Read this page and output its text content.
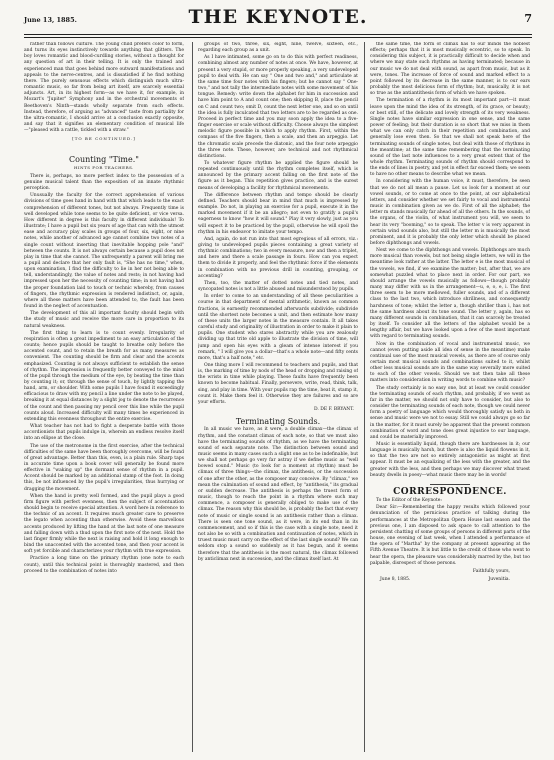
June 13, 1885.	THE KEYNOTE.	7

rather than follows culture. The young child prefers color to form, and turns its eyes instinctively towards anything that glitters. The boy loves romantic and blood-curdling stories, without a thought for any question of art in their telling. It is only the trained and experienced man that goes behind more outward manifestations and appeals to the nerve-centres, and is dissatisfied if he find nothing there. The purely sensuous effects which distinguish much ultra-romantic music, so far from being art itself, are scarcely essential adjuncts. Art, in its highest form—as we have it, for example, in Mozart's "Jupiter" Symphony and in the orchestral movements of Beethoven's Ninth—stands wholly separate from such effects. Instead, therefore, of arguing as "advanced" taste from partiality for the ultra-romantic, I should arrive at a conclusion exactly opposite, and say that it signifies an elementary condition of musical life—"pleased with a rattle, tickled with a straw."

[TO BE CONTINUED.]
Counting "Time."
HINTS FOR TEACHERS.

There is, perhaps, no more perfect index to the possession of a genuine musical talent than the exposition of an innate rhythmic perception.

Unusually the faculty for the correct apprehension of various divisions of time goes hand in hand with that which leads to the exact comprehension of different tones, but not always. Frequently time is well developed while tone seems to be quite deficient, or vice versa. How different in degree is this faculty in different individuals! To illustrate; I have a pupil but six years of age that can with the utmost ease and accuracy play scales in groups of four, six, eight, or nine notes, while another of advanced age cannot combine two notes of a single count without inserting that inevitable hopping pole "and" between the counts. It is not always certain because a pupil does not play in time that she cannot. The unfrequently a parent will bring me a pupil and declare that her only fault is, "She has no time," when, upon examination, I find the difficulty to lie in her not being able to tell, understandingly, the value of notes and rests; in not having had impressed upon her the necessity of counting time; in not having had the proper foundation laid to touch or technic whereby, from causes of fingers, the rhythmic expression is rendered indistinct, or, again, where all these matters have been attended to, the fault has been found in the neglect of accentuation.

The development of this all important faculty should begin with the study of music and receive the more care in proportion to its natural weakness.

The first thing to learn is to count evenly. Irregularity of respiration is often a great impediment to an easy articulation of the counts; hence pupils should be taught to breathe only before the accented count, and to retain the breath for as many measures as convenient. The counting should be firm and clear and the accents emphasized. Counting is not always sufficient to establish the sense of rhythm. The impression is frequently better conveyed to the mind of the pupil through the medium of the eye, by beating the time than by counting it; or, through the sense of touch, by lightly tapping the hand, arm, or shoulder. With some pupils I have found it exceedingly efficacious to draw with my pencil a line under the note to be played, breaking it at equal distances by a slight jog to denote the recurrence of the count and then passing my pencil over this line while the pupil counts aloud. Increased difficulty will many times be experienced in extending this evenness throughout the entire exercise.

What teacher has not had to fight a desperate battle with those accordionists that pupils indulge in, wherein an endless resolve itself into an ellipse at the close.

The use of the metronome in the first exercise, after the technical difficulties of the same have been thoroughly overcome, will be found of great advantage. Better than this, even, is a plain rule. Sharp taps in accurate time upon a book cover will generally be found more effective in "waking up" the dormant sense of rhythm in a pupil. Accent should be marked by an additional stamp of the foot. In doing this, be not influenced by the pupil's irregularities, thus hurrying or dragging the movement.

When the hand is pretty well formed, and the pupil plays a good firm figure with perfect evenness, then the subject of accentuation should begin to receive special attention. A word here in reference to the technic of an accent. It requires much greater care to preserve the legato when accenting than otherwise. Avoid these marvellous accents produced by lifting the hand at the last note of one measure and falling down with a thud upon the first note of the next. Hold the last finger firmly while the next is raising and hold it long enough to bind the unaccented with the accented tone, and then your accent is soft yet forcible and characterizes your rhythm with true expression.

Practice a long time on the primary rhythm (one note to each count), until this technical point is thoroughly mastered, and then proceed to the combination of notes into

groups of two, three, six, eight, nine, twelve, sixteen, etc., regarding each group as a unit.

As I have intimated, some go on to do this with perfect readiness, combining almost any number of notes at once. We have, however, at present a very stupid, or more properly speaking, a very undeveloped pupil to deal with. He can say " One and two and," and articulate at the same time four notes with his fingers; but he cannot say " One-two," and not tally the intermediate notes with some movement of his tongue. Remedy: write down the alphabet for him in succession and have him point to A and count one; then skipping B, place the pencil on C and count two; omit D, count the next letter one, and so on until the idea is fully inculcated that two letters are to be regarded as one. Proceed in perfect time and you may soon apply the idea to a five-finger exercise or scale without difficulty. Choose always the simplest melodic figure possible in which to apply rhythm. First, within the compass of the five fingers, then a scale, and then an arpeggio. Let the chromatic scale precede the diatonic, and the four note arpeggio the three note. These, however, are technical and not rhythmical distinctions.

To whatever figure rhythm be applied the figure should be repeated continuously until the rhythm completes itself, which is announced by the primary accent falling on the first note of the figure as it began. This repetition gives practice, and is the surest means of developing a facility for rhythmical movements.

The difference between rhythm and tempo should be clearly defined. Teachers should bear in mind that much is impressed by example. Do not, in playing an exercise for a pupil, execute it in the marked movement if it be an allegro; not even to gratify a pupil's eagerness to know "how it will sound." Play it very slowly, just as you will expect it to be practiced by the pupil, otherwise he will spoil the rhythm in his endeavor to imitate your tempo.

And, again, do not run into that most egregious of all errors, viz.: giving to undeveloped pupils pieces containing a great variety of rhythmic combinations; two in every measure, now and then a triplet, and here and there a scale passage in fours. How can you expect them to divide it properly, and feel the rhythmic force if the elements in combination with no previous drill in counting, grouping, or accenting?

Then, too, the matter of dotted notes and tied notes, and syncopated notes is not a little abused and misunderstood by pupils.

In order to come to an understanding of all these peculiarities a course in that department of mental arithmetic, known as common fractions, is earnestly recommended afterwards subdivide; subdivide until the shortest note becomes a unit, and then estimate how many of these units the larger notes in the measure contain. It all takes careful study and originality of illustration in order to make it plain to pupils. One student who stares abstractly while you are zealously dividing up that trite old apple to illustrate the division of time, will jump and open his eyes with a gleam of intense interest if you remark, " I will give you a dollar—that's a whole note—and fifty cents more, that's a half note," etc.

One thing more I will recommend to teachers and pupils, and that is, the marking of time by nods of the head or dropping and raising of the wrists in time while playing. These faults have frequently been known to become habitual. Finally, persevere, write, read, think, talk, sing, and play in time. With your pupils rap the time, beat it, stamp it, count it. Make them feel it. Otherwise they are failures and so are your efforts.

D. DE F. BRYANT.
Terminating Sounds.

In all music we have, as it were, a double climax—the climax of rhythm, and the constant climax of each note, so that we must also have the terminating sounds of rhythm, as we have the terminating sound of each separate note. The distinction between sound and music seems in many cases such a slight one as to be indefinable, but we shall not perhaps go very far astray if we define music as "well bowed sound." Music (to look for a moment at rhythm) must be climax of three things—the climax, the antithesis, or the succession of one after the other, as the composer may conceive. By "climax," we mean the culmination of sound and effect, by "antithesis," its gradual or sudden decrease. The antithesis is perhaps the truest form of music, though to reach the point in a rhythm where such may commence, a composer is generally obliged to make use of the climax. The reason why this should be, is probably the fact that every note of music or single sound is an antithesis rather than a climax. There is seen one tone sound, as it were, in its end than in its commencement, and so if this is the case with a single note, need it not also be so with a combination and continuation of notes, which in truest music must carry on the effect of the last single sound? We can seldom stop a sound so suddenly as it has begun, and it seems therefore that the antithesis is the most natural, the climax followed by anticlimax next in succession, and the climax itself last. At

the same time, the form of climax has to our minds the noblest effects; perhaps that it is most musically eccentric, so to speak. In considering this subject, it is practically difficult to decide when and where we may state such rhythms as having terminated; because in our music we do not deal with sound, as apart from music, but as it were, tones. The increase of force of sound and marked effect to a point followed by its decrease in the same manner, is to our ears probably the most delicious form of rhythm; but, musically, it is not so true as the antiantithesis form of which we have spoken.

The termination of a rhythm is its most important part—it must leave upon the mind the idea of its strength, of its grace, or beauty; or best still, of the delicate and lovely strength of its very weakness. Single notes have similar expression in one sense, and the same power of feeling; but their duration is so short that we miss in them what we can only catch in their repetition and combination, and generally lose even then. So that we shall not speak here of the terminating sounds of single notes, but deal with those of rhythms in the meantime; at the same time remembering that the terminating sound of the last note influences to a very great extent that of the whole rhythm. Terminating sounds of rhythm should correspond to the ends of lines in poetry, and yet in effect far exceed them; we seem to have no other means to describe what we mean.

In considering with the human voice, it must, therefore, be seen that we do not all mean a pause. Let us look for a moment at our vowel sounds, or to come at once to the point, at our alphabetical letters, and consider whether we set fairly to vocal and instrumental music in combination given as we do. First of all the alphabet; the letter m stands musically far ahead of all the others. In the sounds, of the organs, of the violin, of what instrument you will, we seem to hear its very "booming," so to speak. The letter v is very apparent in certain wind sounds also, but still the letter m is musically the most prominent, and it is probably the only letter which should be placed before diphthongs and vowels.

Next we come to the diphthongs and vowels. Diphthongs are much more musical than vowels, but not being single letters, we will in the meantime look rather at the latter. The letter e is the most musical of the vowels, we find, if we examine the matter; but, after that, we are somewhat puzzled what to place next in order. For our part, we should arrange the vowels musically as follows—though probably many may differ with us in the arrangement—u, e, o, e, i. The first three seem to be more mellowed, fuller sounds, and of a different class to the last two, which introduce shrillness, and consequently harshness of tone; whilst the letter a, though shriller than i, has not the same hardness about its tone sound. The letter y, again, has so many different sounds in combination, that it can scarcely be treated by itself. To consider all the letters of the alphabet would be a lengthy affair, but we have looked upon a few of the most important with regard to terminating sounds.

Now in the combination of vocal and instrumental music, we cannot (even putting aside all idea of sense in the meantime) make continual use of the most musical vowels, as there are of course only certain most musical sounds and combinations suited to it, whilst other less musical sounds are in the same way severally more suited to each of the other vowels. Should we not then take all these matters into consideration in writing words to combine with music?

The study certainly is no easy one, but at least we could consider the terminating sounds of each rhythm, and probably, if we went as far in the matter, we should not only have to consider, but also to consider the terminating sounds of each note, though we could never form a poetry of language which would thoroughly satisfy us both in sense and music were we not to essay. Still we could always go so far in the matter, for it must surely be apparent that the present common combination of word and tone does great injustice to our language, and could be materially improved.

Music is essentially liquid, though there are hardnesses in it; our language is musically harsh, but there is also the liquid flowens in it, so that the two are not so entirely antagonistic as might at first appear. It must be an equalizing of the less with the greater, and the greater with the less, and then perhaps we may discover what truest beauty dwells in poesy—what music there may be in words!

CORRESPONDENCE.

To the Editor of the Keynote:

Dear Sir:—Remembering the happy results which followed your denunciation of the pernicious practice of talking during the performances at the Metropolitan Opera House last season and the previous one, I am disposed to ask space to call attention to the persistent chatting of some groups of persons in different parts of the house, one evening of last week, when I attended a performance of the opera of "Martha" by the company at present appearing at the Fifth Avenue Theatre. It is but little to the credit of those who went to hear the opera, the pleasure was considerably marred by the, but too palpable, disrespect of those persons.

Faithfully yours,
June 8, 1885.	Juvenitia.
